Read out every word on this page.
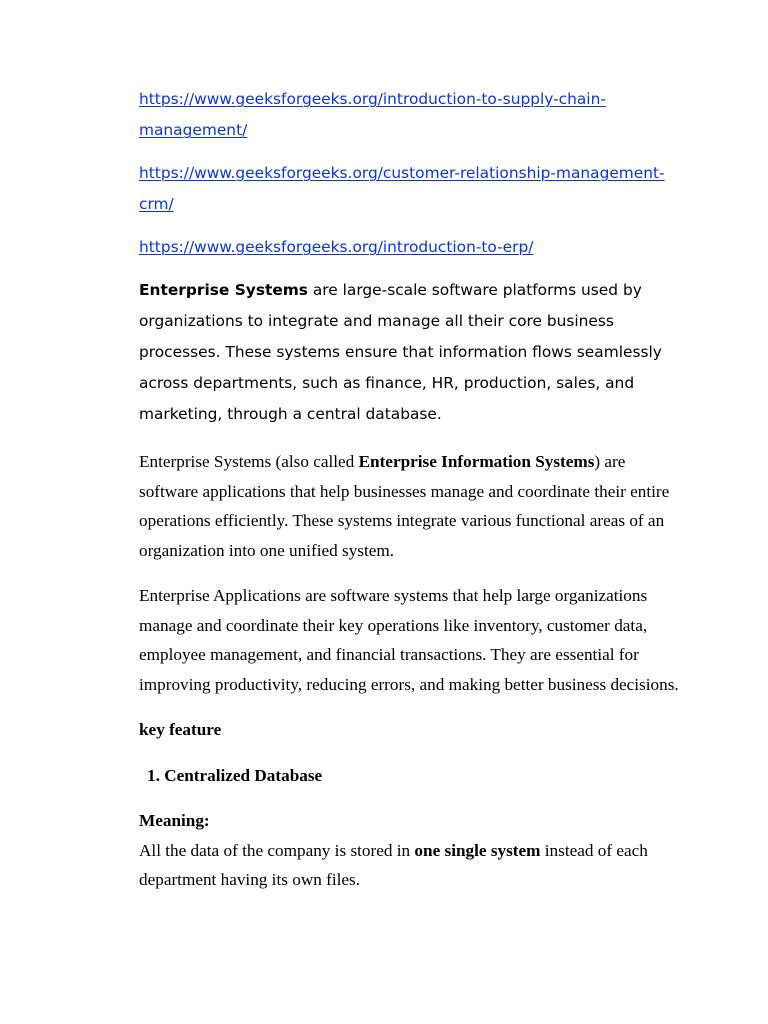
https://www.geeksforgeeks.org/introduction-to-supply-chain-
management/

https://www.geeksforgeeks.org/customer-relationship-management-
crm/

https://www.geeksforgeeks.org/introduction-to-erp/

Enterprise Systems are large-scale software platforms used by organizations to integrate and manage all their core business processes. These systems ensure that information flows seamlessly across departments, such as finance, HR, production, sales, and marketing, through a central database.

Enterprise Systems (also called Enterprise Information Systems) are software applications that help businesses manage and coordinate their entire operations efficiently. These systems integrate various functional areas of an organization into one unified system.

Enterprise Applications are software systems that help large organizations manage and coordinate their key operations like inventory, customer data, employee management, and financial transactions. They are essential for improving productivity, reducing errors, and making better business decisions.

key feature

1. Centralized Database

Meaning:
All the data of the company is stored in one single system instead of each department having its own files.
